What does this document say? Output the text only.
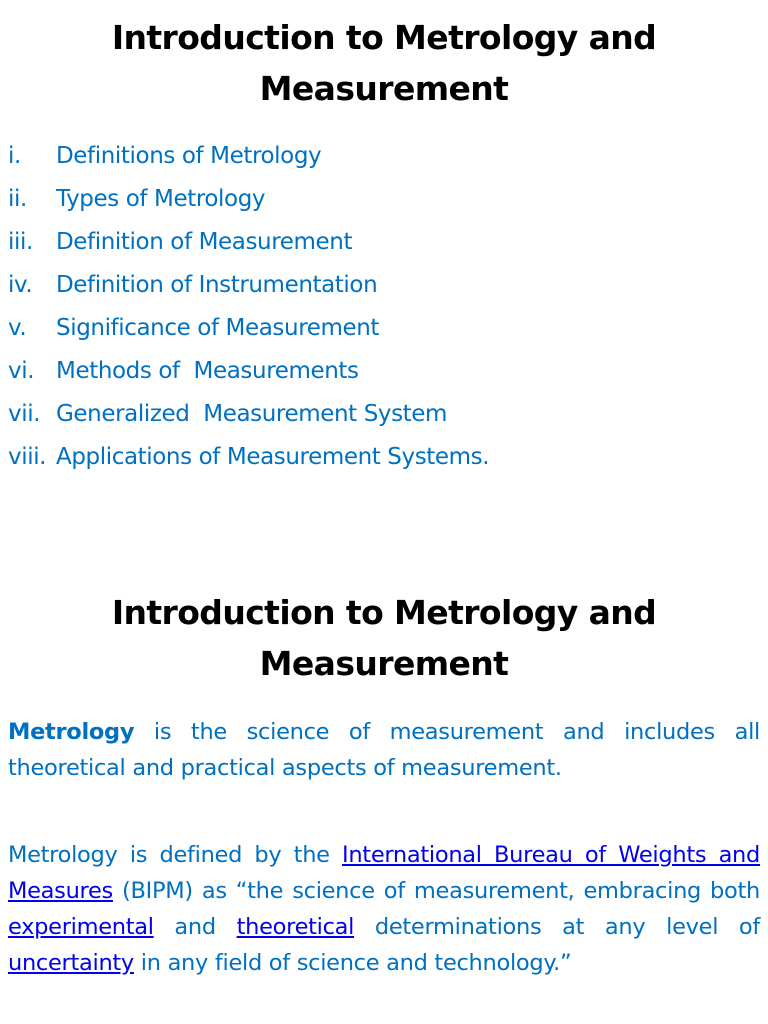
Introduction to Metrology and Measurement
i.	Definitions of Metrology
ii.	Types of Metrology
iii.	Definition of Measurement
iv.	Definition of Instrumentation
v.	Significance of Measurement
vi. Methods of  Measurements
vii. Generalized  Measurement System
viii. Applications of Measurement Systems.
Introduction to Metrology and Measurement

Metrology is the science of measurement and includes all theoretical and practical aspects of measurement.

Metrology is defined by the International Bureau of Weights and Measures (BIPM) as “the science of measurement, embracing both experimental and theoretical determinations at any level of uncertainty in any field of science and technology.”
